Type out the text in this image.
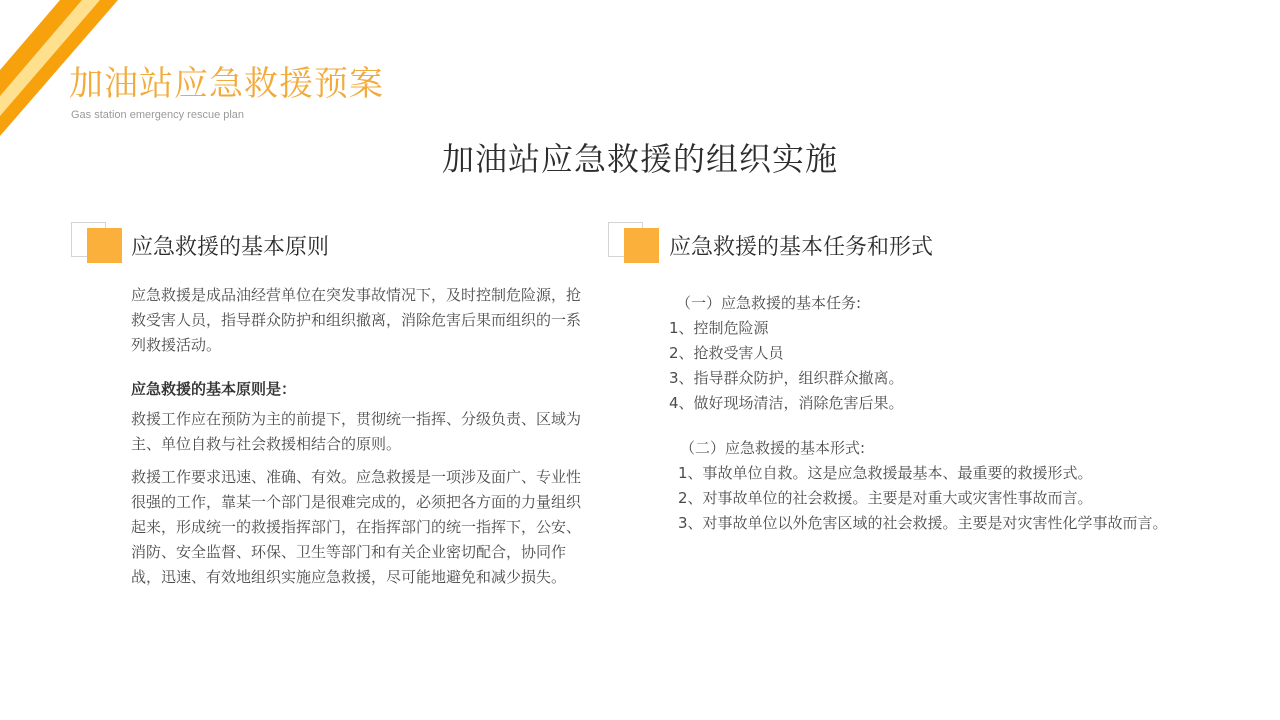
加油站应急救援预案
Gas station emergency rescue plan
加油站应急救援的组织实施
应急救援的基本原则

应急救援是成品油经营单位在突发事故情况下，及时控制危险源，抢救受害人员，指导群众防护和组织撤离，消除危害后果而组织的一系列救援活动。

应急救援的基本原则是：

救援工作应在预防为主的前提下，贯彻统一指挥、分级负责、区域为主、单位自救与社会救援相结合的原则。

救援工作要求迅速、准确、有效。应急救援是一项涉及面广、专业性很强的工作，靠某一个部门是很难完成的，必须把各方面的力量组织起来，形成统一的救援指挥部门，在指挥部门的统一指挥下，公安、消防、安全监督、环保、卫生等部门和有关企业密切配合，协同作战，迅速、有效地组织实施应急救援，尽可能地避免和减少损失。

应急救援的基本任务和形式

（一）应急救援的基本任务:

1、控制危险源
2、抢救受害人员
3、指导群众防护，组织群众撤离。
4、做好现场清洁，消除危害后果。

（二）应急救援的基本形式:

1、事故单位自救。这是应急救援最基本、最重要的救援形式。
2、对事故单位的社会救援。主要是对重大或灾害性事故而言。

3、对事故单位以外危害区域的社会救援。主要是对灾害性化学事故而言。
